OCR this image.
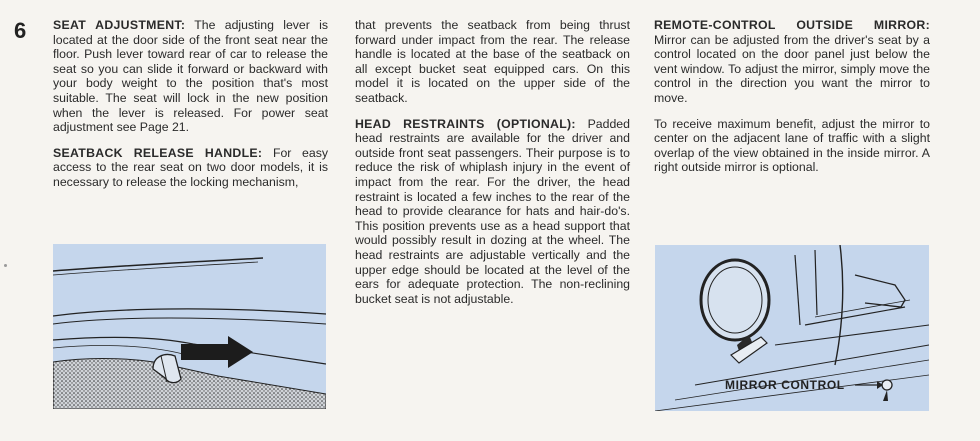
6 SEAT ADJUSTMENT: The adjusting lever is located at the door side of the front seat near the floor. Push lever toward rear of car to release the seat so you can slide it forward or backward with your body weight to the position that's most suitable. The seat will lock in the new position when the lever is released. For power seat adjustment see Page 21.

SEATBACK RELEASE HANDLE: For easy access to the rear seat on two door models, it is necessary to release the locking mechanism,

that prevents the seatback from being thrust forward under impact from the rear. The release handle is located at the base of the seatback on all except bucket seat equipped cars. On this model it is located on the upper side of the seatback.

HEAD RESTRAINTS (OPTIONAL): Padded head restraints are available for the driver and outside front seat passengers. Their purpose is to reduce the risk of whiplash injury in the event of impact from the rear. For the driver, the head restraint is located a few inches to the rear of the head to provide clearance for hats and hair-do's. This position prevents use as a head support that would possibly result in dozing at the wheel. The head restraints are adjustable vertically and the upper edge should be located at the level of the ears for adequate protection. The non-reclining bucket seat is not adjustable.

REMOTE-CONTROL OUTSIDE MIRROR: Mirror can be adjusted from the driver's seat by a control located on the door panel just below the vent window. To adjust the mirror, simply move the control in the direction you want the mirror to move.

To receive maximum benefit, adjust the mirror to center on the adjacent lane of traffic with a slight overlap of the view obtained in the inside mirror. A right outside mirror is optional.

MIRROR CONTROL
